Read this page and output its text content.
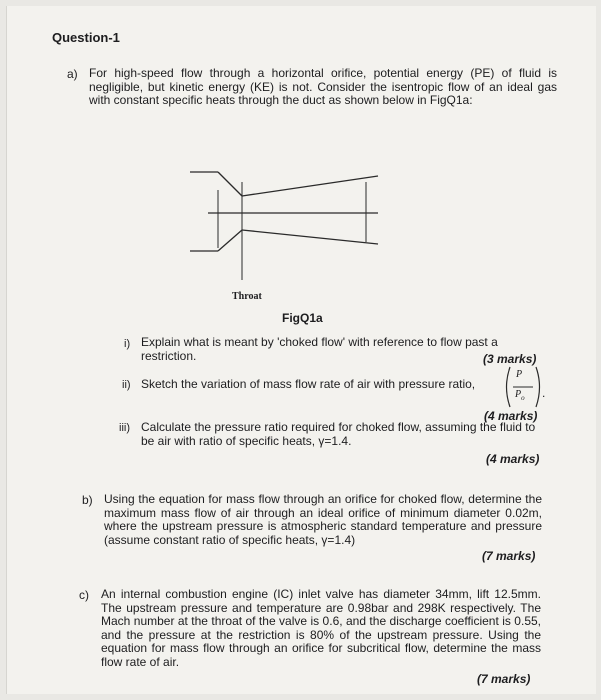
Question-1
a) For high-speed flow through a horizontal orifice, potential energy (PE) of fluid is negligible, but kinetic energy (KE) is not. Consider the isentropic flow of an ideal gas with constant specific heats through the duct as shown below in FigQ1a:
Throat
FigQ1a
i) Explain what is meant by 'choked flow' with reference to flow past a restriction.	(3 marks)
ii) Sketch the variation of mass flow rate of air with pressure ratio,
P
$P_o$ .
(4 marks)
iii) Calculate the pressure ratio required for choked flow, assuming the fluid to be air with ratio of specific heats, γ=1.4.
(4 marks)
b) Using the equation for mass flow through an orifice for choked flow, determine the maximum mass flow of air through an ideal orifice of minimum diameter 0.02m, where the upstream pressure is atmospheric standard temperature and pressure (assume constant ratio of specific heats, γ=1.4)
(7 marks)
c) An internal combustion engine (IC) inlet valve has diameter 34mm, lift 12.5mm. The upstream pressure and temperature are 0.98bar and 298K respectively. The Mach number at the throat of the valve is 0.6, and the discharge coefficient is 0.55, and the pressure at the restriction is 80% of the upstream pressure. Using the equation for mass flow through an orifice for subcritical flow, determine the mass flow rate of air.
(7 marks)
